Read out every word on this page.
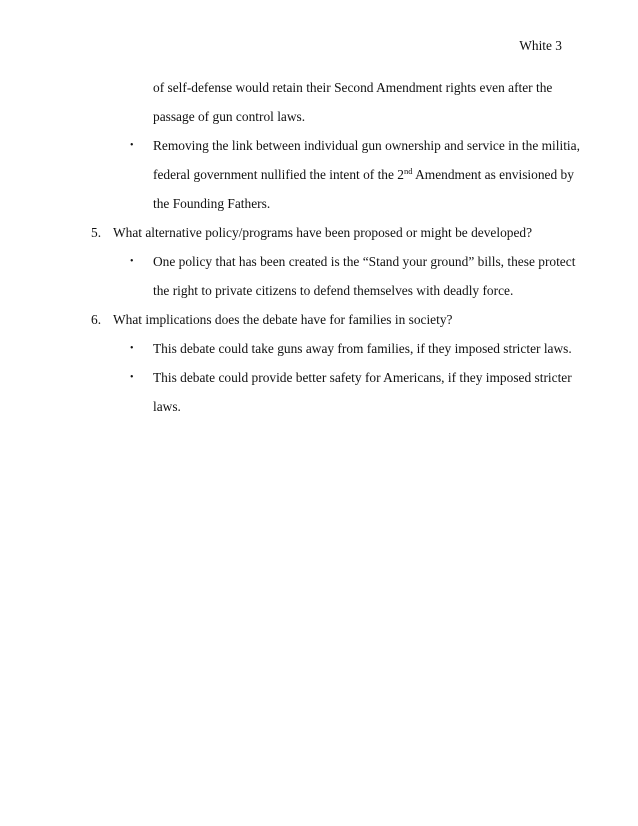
White 3
of self-defense would retain their Second Amendment rights even after the
passage of gun control laws.
• Removing the link between individual gun ownership and service in the militia,
federal government nullified the intent of the 2nd Amendment as envisioned by
the Founding Fathers.
5. What alternative policy/programs have been proposed or might be developed?
• One policy that has been created is the “Stand your ground” bills, these protect
the right to private citizens to defend themselves with deadly force.
6. What implications does the debate have for families in society?
• This debate could take guns away from families, if they imposed stricter laws.
• This debate could provide better safety for Americans, if they imposed stricter
laws.
